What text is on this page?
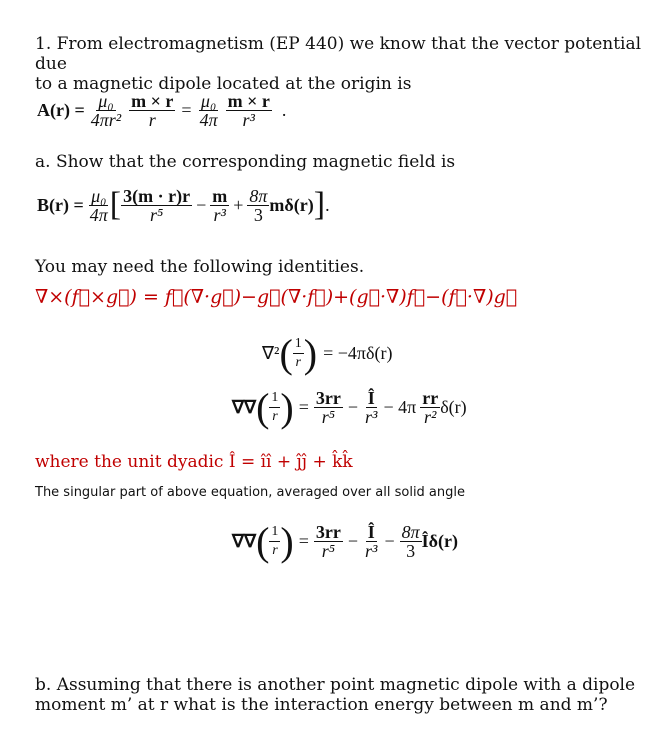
1. From electromagnetism (EP 440) we know that the vector potential due
to a magnetic dipole located at the origin is
$A(r) = \frac{\text{μ₀}}{\text{4πr²}} \frac{m \times r}{r} = \frac{\text{μ₀}}{4\pi} \frac{m \times r}{\text{r³}}$ .
a. Show that the corresponding magnetic field is
$B(r) = \frac{\text{μ₀}}{4\pi}$ [ $\frac{3(m \cdot r)r}{\text{r⁵}} - \frac{m}{\text{r³}} + \frac{8\pi}{3} m\delta(r)$ ] .
You may need the following identities.
∇×(f⃗×g⃗) = f⃗(∇·g⃗)−g⃗(∇·f⃗)+(g⃗·∇)f⃗−(f⃗·∇)g⃗
∇² ( $\frac{1}{r}$ ) = −4πδ(r)
∇∇ ( $\frac{1}{r}$ ) = $\frac{3rr}{\text{r⁵}} - \frac{Î}{\text{r³}} - 4\pi \frac{rr}{\text{r²}} \delta(r)$
where the unit dyadic Î = îî + ĵĵ + k̂k̂
The singular part of above equation, averaged over all solid angle
∇∇ ( $\frac{1}{r}$ ) = $\frac{3rr}{\text{r⁵}} - \frac{Î}{\text{r³}} - \frac{8\pi}{3}$ Îδ(r)
b. Assuming that there is another point magnetic dipole with a dipole
moment m’ at r what is the interaction energy between m and m’?
